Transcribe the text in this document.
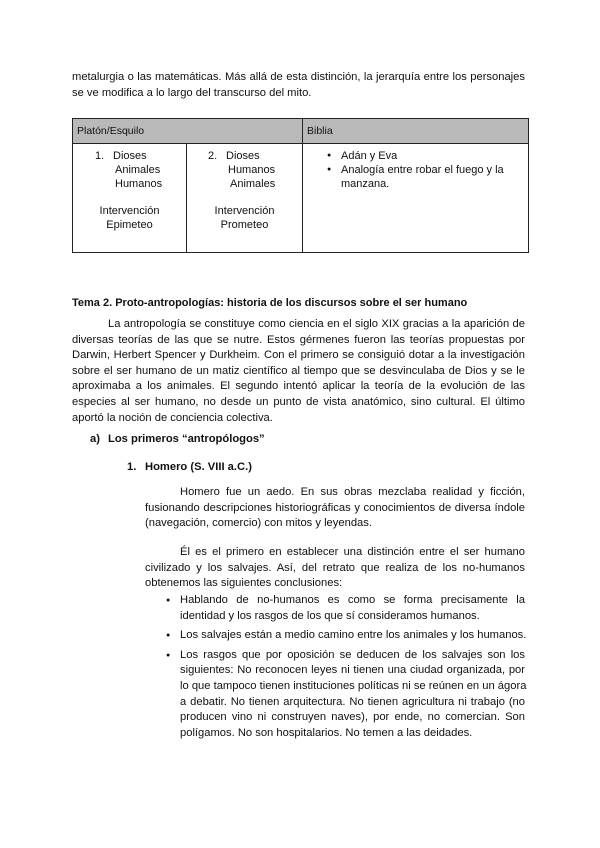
metalurgia o las matemáticas. Más allá de esta distinción, la jerarquía entre los personajes
se ve modifica a lo largo del transcurso del mito.
Platón/Esquilo	Biblia
1. Dioses
Animales
Humanos
Intervención
Epimeteo
2. Dioses
Humanos
Animales
Intervención
Prometeo
● Adán y Eva
● Analogía entre robar el fuego y la
manzana.
Tema 2. Proto-antropologías: historia de los discursos sobre el ser humano
La antropología se constituye como ciencia en el siglo XIX gracias a la aparición de
diversas teorías de las que se nutre. Estos gérmenes fueron las teorías propuestas por
Darwin, Herbert Spencer y Durkheim. Con el primero se consiguió dotar a la investigación
sobre el ser humano de un matiz científico al tiempo que se desvinculaba de Dios y se le
aproximaba a los animales. El segundo intentó aplicar la teoría de la evolución de las
especies al ser humano, no desde un punto de vista anatómico, sino cultural. El último
aportó la noción de conciencia colectiva.
a) Los primeros “antropólogos”
1. Homero (S. VIII a.C.)
Homero fue un aedo. En sus obras mezclaba realidad y ficción,
fusionando descripciones historiográficas y conocimientos de diversa índole
(navegación, comercio) con mitos y leyendas.
Él es el primero en establecer una distinción entre el ser humano
civilizado y los salvajes. Así, del retrato que realiza de los no-humanos
obtenemos las siguientes conclusiones:
● Hablando de no-humanos es como se forma precisamente la
identidad y los rasgos de los que sí consideramos humanos.
● Los salvajes están a medio camino entre los animales y los humanos.
● Los rasgos que por oposición se deducen de los salvajes son los
siguientes: No reconocen leyes ni tienen una ciudad organizada, por
lo que tampoco tienen instituciones políticas ni se reúnen en un ágora
a debatir. No tienen arquitectura. No tienen agricultura ni trabajo (no
producen vino ni construyen naves), por ende, no comercian. Son
polígamos. No son hospitalarios. No temen a las deidades.
